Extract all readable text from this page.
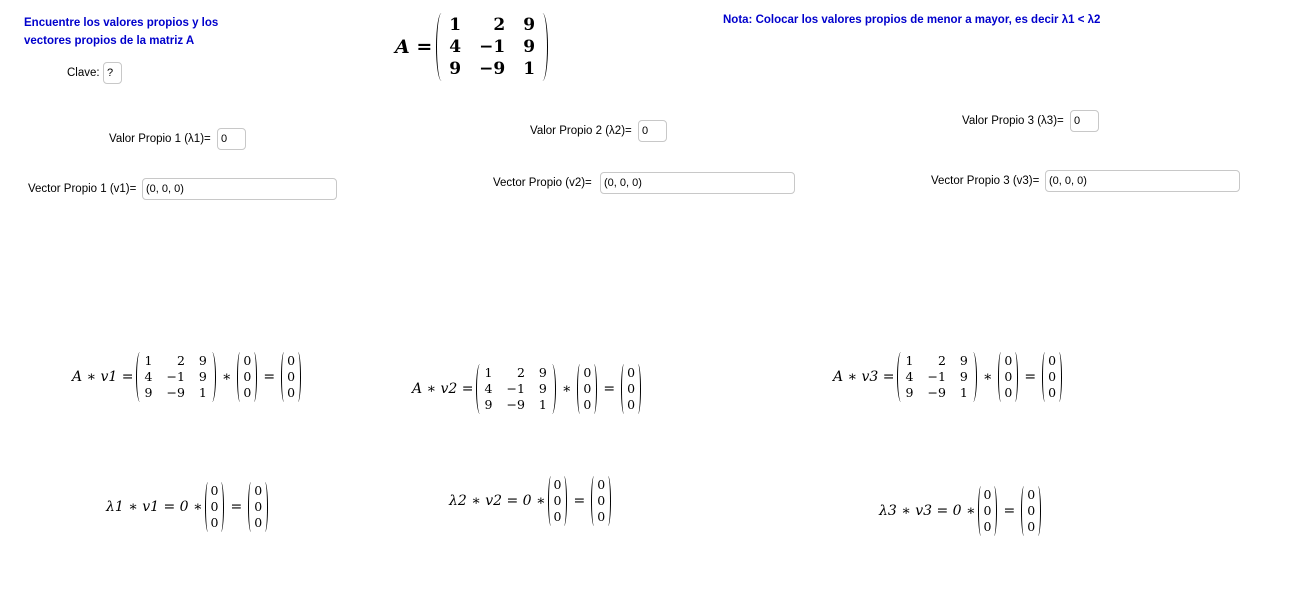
Encuentre los valores propios y los
vectores propios de la matriz A
Nota: Colocar los valores propios de menor a mayor, es decir λ1 < λ2
Clave:
?
A =
1	2 9
4 −1 9
9 −9 1
Valor Propio 1 (λ1)=
0
Valor Propio 2 (λ2)=
0
Valor Propio 3 (λ3)=
0
Vector Propio 1 (v1)=
(0, 0, 0)	Vector Propio (v2)=
(0, 0, 0)	Vector Propio 3 (v3)=
(0, 0, 0)
A ∗ v1 =
1	2 9
4 −1 9
9 −9 1
∗
0
0
0
=
0
0
0	A ∗ v2 =
1	2 9
4 −1 9
9 −9 1
∗
0
0
0
=
0
0
0
A ∗ v3 =
1	2 9
4 −1 9
9 −9 1
∗
0
0
0
=
0
0
0
λ1 ∗ v1 = 0 ∗
0
0
0
=
0
0
0
λ2 ∗ v2 = 0 ∗
0
0
0
=
0
0
0	λ3 ∗ v3 = 0 ∗
0
0
0
=
0
0
0
